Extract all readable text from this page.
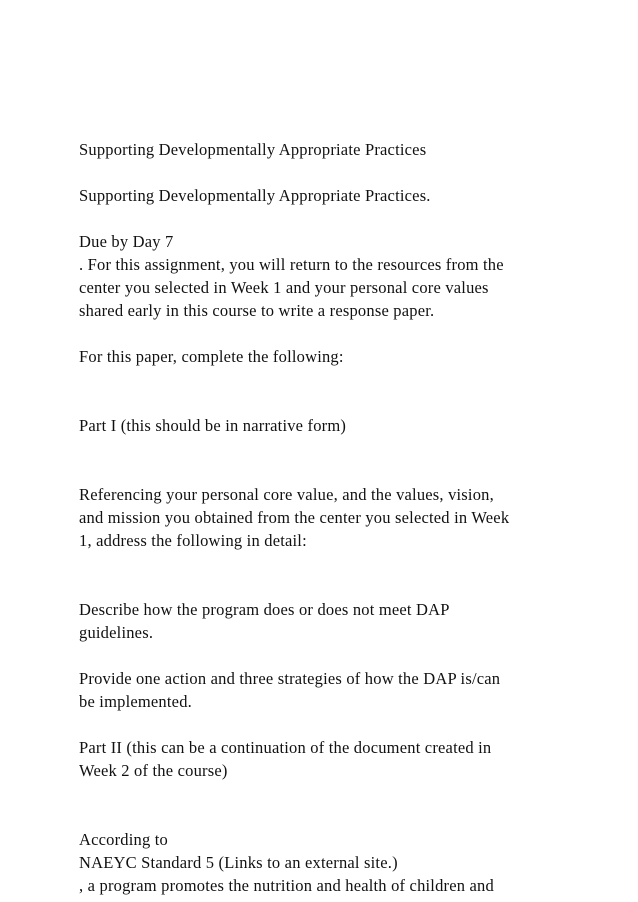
Supporting Developmentally Appropriate Practices
Supporting Developmentally Appropriate Practices.
Due by Day 7
. For this assignment, you will return to the resources from the
center you selected in Week 1 and your personal core values
shared early in this course to write a response paper.
For this paper, complete the following:
Part I (this should be in narrative form)
Referencing your personal core value, and the values, vision,
and mission you obtained from the center you selected in Week
1, address the following in detail:
Describe how the program does or does not meet DAP
guidelines.
Provide one action and three strategies of how the DAP is/can
be implemented.
Part II (this can be a continuation of the document created in
Week 2 of the course)
According to
NAEYC Standard 5 (Links to an external site.)
, a program promotes the nutrition and health of children and
